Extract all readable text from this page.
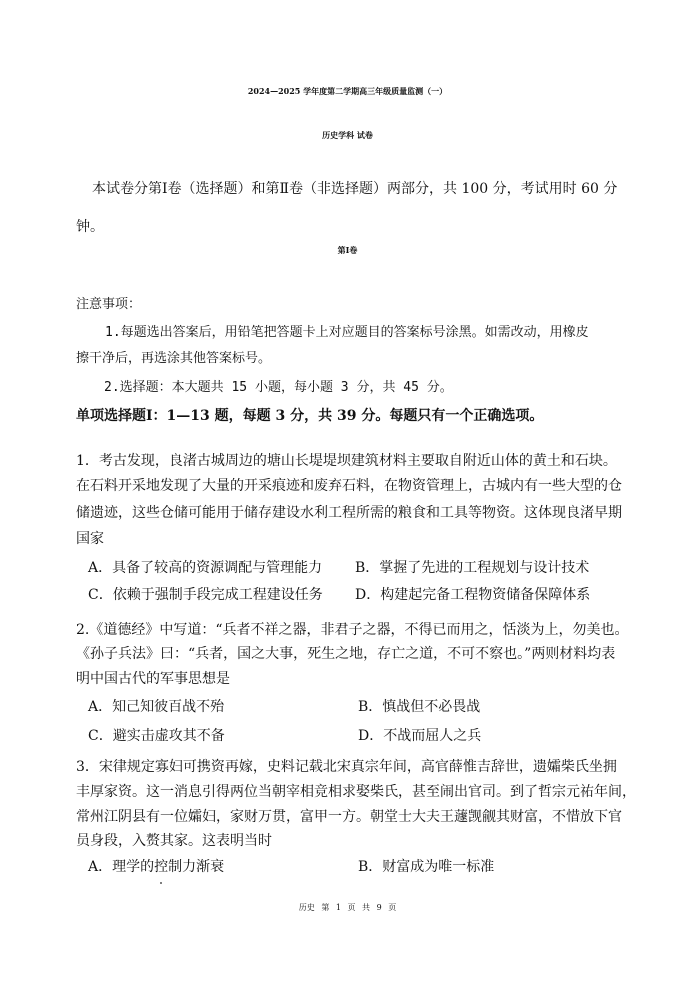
2024—2025 学年度第二学期高三年级质量监测（一）
历史学科 试卷
本试卷分第Ⅰ卷（选择题）和第Ⅱ卷（非选择题）两部分，共 100 分，考试用时 60 分
钟。
第Ⅰ卷
注意事项：
1.每题选出答案后，用铅笔把答题卡上对应题目的答案标号涂黑。如需改动，用橡皮
擦干净后，再选涂其他答案标号。
2.选择题：本大题共 15 小题，每小题 3 分，共 45 分。
单项选择题Ⅰ：1—13 题，每题 3 分，共 39 分。每题只有一个正确选项。
1．考古发现，良渚古城周边的塘山长堤堤坝建筑材料主要取自附近山体的黄土和石块。
在石料开采地发现了大量的开采痕迹和废弃石料，在物资管理上，古城内有一些大型的仓
储遗迹，这些仓储可能用于储存建设水利工程所需的粮食和工具等物资。这体现良渚早期
国家
A．具备了较高的资源调配与管理能力 B．掌握了先进的工程规划与设计技术
C．依赖于强制手段完成工程建设任务 D．构建起完备工程物资储备保障体系
2.《道德经》中写道：“兵者不祥之器，非君子之器，不得已而用之，恬淡为上，勿美也。
《孙子兵法》曰：“兵者，国之大事，死生之地，存亡之道，不可不察也。”两则材料均表
明中国古代的军事思想是
A．知己知彼百战不殆	B．慎战但不必畏战
C．避实击虚攻其不备	D．不战而屈人之兵
3．宋律规定寡妇可携资再嫁，史料记载北宋真宗年间，高官薛惟吉辞世，遗孀柴氏坐拥
丰厚家资。这一消息引得两位当朝宰相竞相求娶柴氏，甚至闹出官司。到了哲宗元祐年间，
常州江阴县有一位孀妇，家财万贯，富甲一方。朝堂士大夫王蘧觊觎其财富，不惜放下官
员身段，入赘其家。这表明当时
A．理学的控制力渐衰	B．财富成为唯一标准
历史 第 1 页 共 9 页
